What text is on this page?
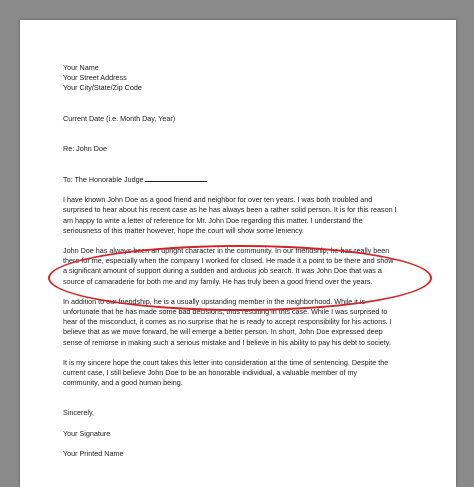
Your Name
Your Street Address
Your City/State/Zip Code
Current Date (i.e. Month Day, Year)
Re: John Doe
To: The Honorable Judge
I have known John Doe as a good friend and neighbor for over ten years. I was both troubled and
surprised to hear about his recent case as he has always been a rather solid person. It is for this reason I
am happy to write a letter of reference for Mr. John Doe regarding this matter. I understand the
seriousness of this matter however, hope the court will show some leniency.
John Doe has always been an upright character in the community. In our friendship, he has really been
there for me, especially when the company I worked for closed. He made it a point to be there and show
a significant amount of support during a sudden and arduous job search. It was John Doe that was a
source of camaraderie for both me and my family. He has truly been a good friend over the years.
In addition to our friendship, he is a usually upstanding member in the neighborhood. While it is
unfortunate that he has made some bad decisions, thus resulting in this case. While I was surprised to
hear of the misconduct, it comes as no surprise that he is ready to accept responsibility for his actions. I
believe that as we move forward, he will emerge a better person. In short, John Doe expressed deep
sense of remorse in making such a serious mistake and I believe in his ability to pay his debt to society.
It is my sincere hope the court takes this letter into consideration at the time of sentencing. Despite the
current case, I still believe John Doe to be an honorable individual, a valuable member of my
community, and a good human being.
Sincerely,
Your Signature
Your Printed Name
